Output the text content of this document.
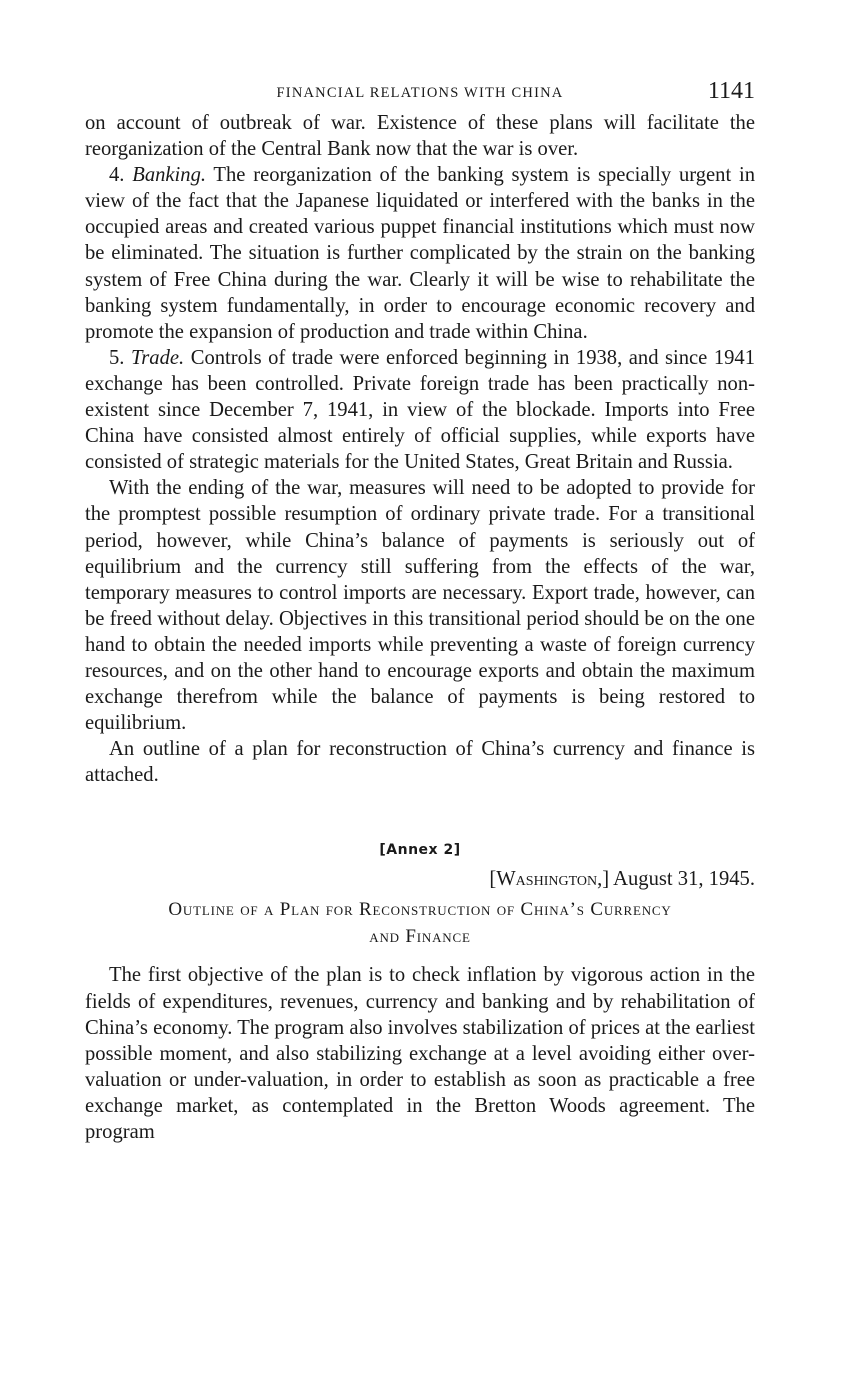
FINANCIAL RELATIONS WITH CHINA	1141

on account of outbreak of war. Existence of these plans will facilitate the reorganization of the Central Bank now that the war is over.

4. Banking. The reorganization of the banking system is specially urgent in view of the fact that the Japanese liquidated or interfered with the banks in the occupied areas and created various puppet financial institutions which must now be eliminated. The situation is further complicated by the strain on the banking system of Free China during the war. Clearly it will be wise to rehabilitate the banking system fundamentally, in order to encourage economic recovery and promote the expansion of production and trade within China.

5. Trade. Controls of trade were enforced beginning in 1938, and since 1941 exchange has been controlled. Private foreign trade has been practically non-existent since December 7, 1941, in view of the blockade. Imports into Free China have consisted almost entirely of official supplies, while exports have consisted of strategic materials for the United States, Great Britain and Russia.

With the ending of the war, measures will need to be adopted to provide for the promptest possible resumption of ordinary private trade. For a transitional period, however, while China’s balance of payments is seriously out of equilibrium and the currency still suffering from the effects of the war, temporary measures to control imports are necessary. Export trade, however, can be freed without delay. Objectives in this transitional period should be on the one hand to obtain the needed imports while preventing a waste of foreign currency resources, and on the other hand to encourage exports and obtain the maximum exchange therefrom while the balance of payments is being restored to equilibrium.

An outline of a plan for reconstruction of China’s currency and finance is attached.

[Annex 2]
[Washington,] August 31, 1945.
Outline of a Plan for Reconstruction of China’s Currency
and Finance

The first objective of the plan is to check inflation by vigorous action in the fields of expenditures, revenues, currency and banking and by rehabilitation of China’s economy. The program also involves stabilization of prices at the earliest possible moment, and also stabilizing exchange at a level avoiding either over-valuation or under-valuation, in order to establish as soon as practicable a free exchange market, as contemplated in the Bretton Woods agreement. The program
